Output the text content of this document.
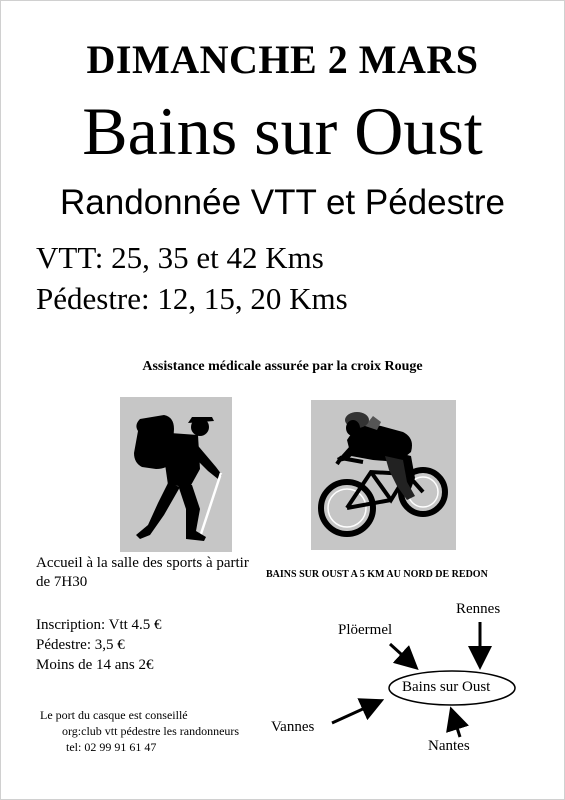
DIMANCHE 2 MARS
Bains sur Oust
Randonnée VTT et Pédestre
VTT: 25, 35 et 42 Kms
Pédestre: 12, 15, 20 Kms
Assistance médicale assurée par la croix Rouge
Accueil à la salle des sports à partir de 7H30	BAINS SUR OUST A 5 KM AU NORD DE REDON
Inscription: Vtt 4.5 €
Pédestre: 3,5 €
Moins de 14 ans 2€
Le port du casque est conseillé
org:club vtt pédestre les randonneurs
tel: 02 99 91 61 47
Bains sur Oust
Rennes
Plöermel
Vannes
Nantes
